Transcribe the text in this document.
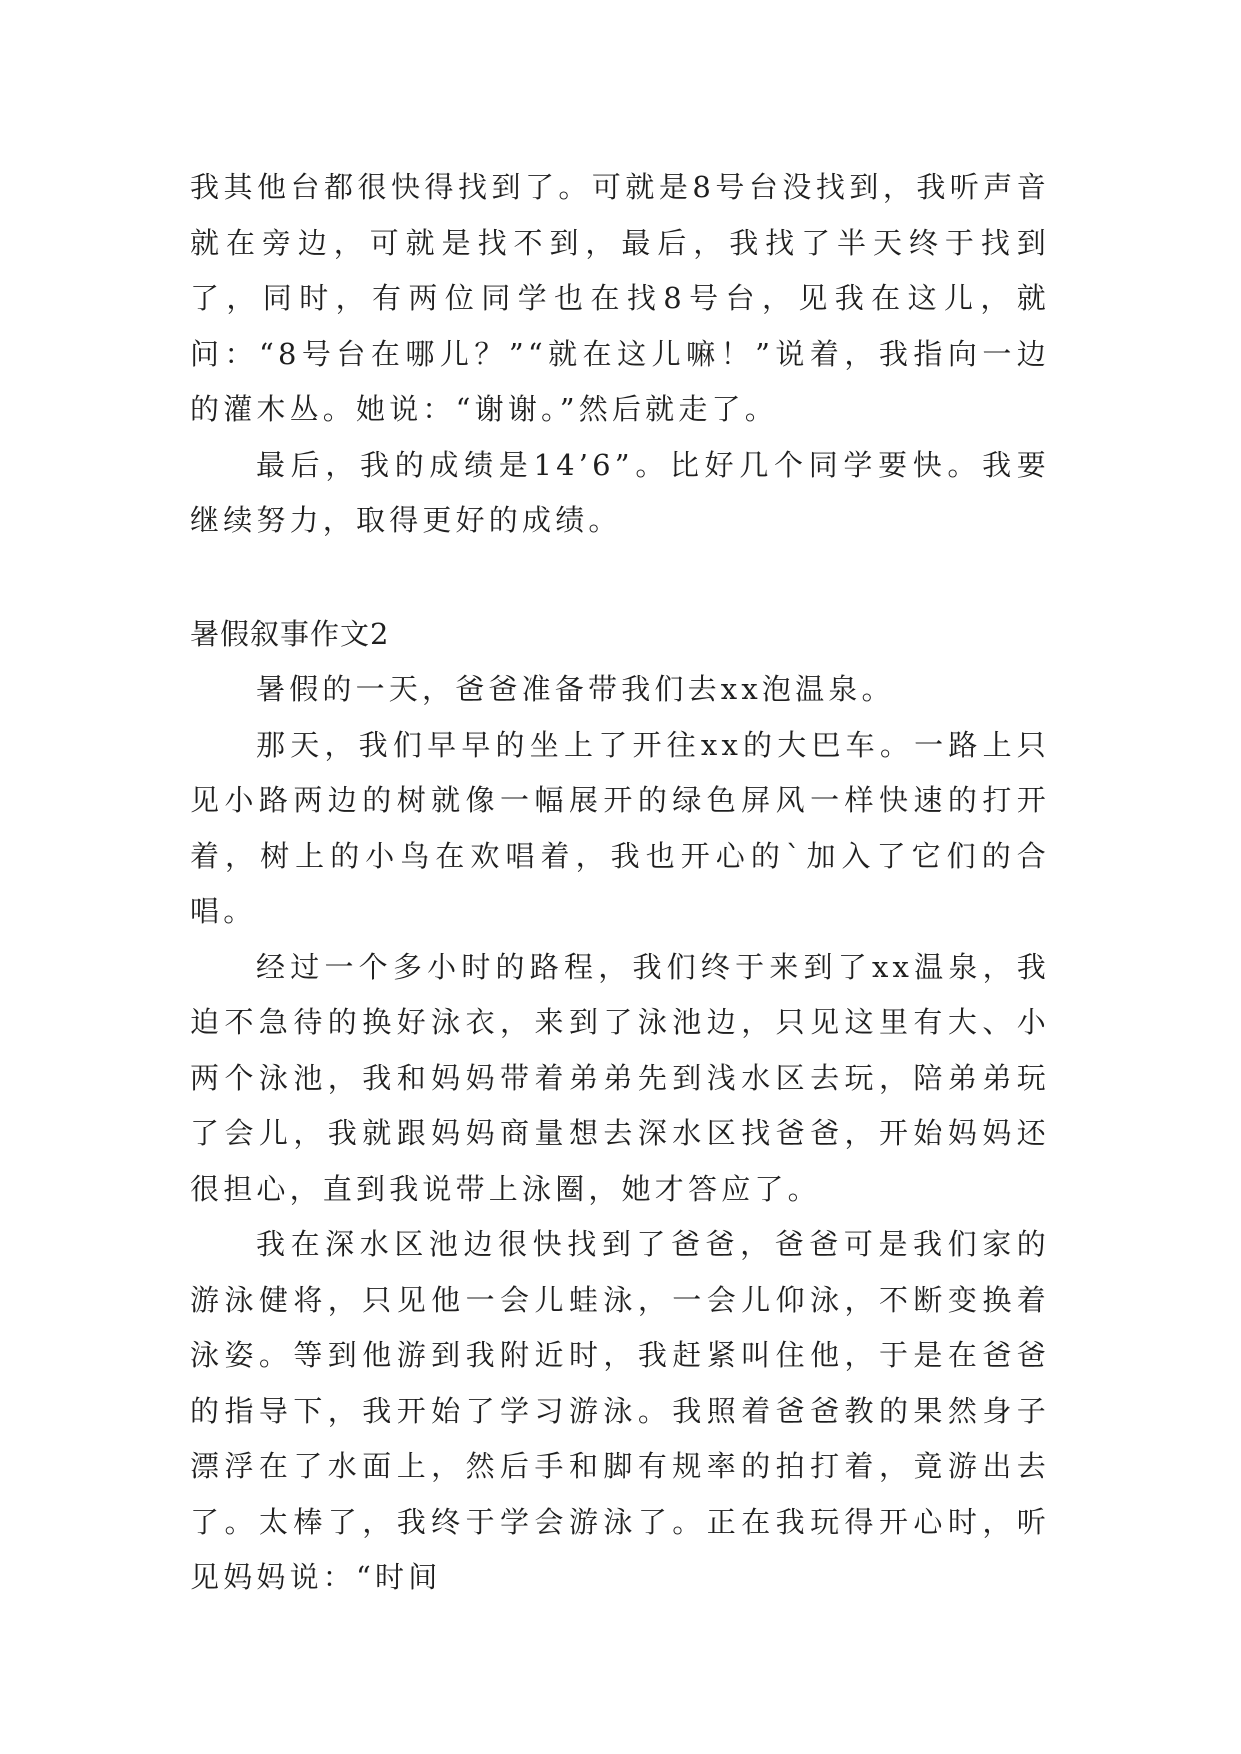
我其他台都很快得找到了。可就是8号台没找到，我听声音就在旁边，可就是找不到，最后，我找了半天终于找到了，同时，有两位同学也在找8号台，见我在这儿，就问：“8号台在哪儿？”“就在这儿嘛！”说着，我指向一边的灌木丛。她说：“谢谢。”然后就走了。

最后，我的成绩是14’6”。比好几个同学要快。我要继续努力，取得更好的成绩。

暑假叙事作文2

暑假的一天，爸爸准备带我们去xx泡温泉。

那天，我们早早的坐上了开往xx的大巴车。一路上只见小路两边的树就像一幅展开的绿色屏风一样快速的打开着，树上的小鸟在欢唱着，我也开心的`加入了它们的合唱。

经过一个多小时的路程，我们终于来到了xx温泉，我迫不急待的换好泳衣，来到了泳池边，只见这里有大、小两个泳池，我和妈妈带着弟弟先到浅水区去玩，陪弟弟玩了会儿，我就跟妈妈商量想去深水区找爸爸，开始妈妈还很担心，直到我说带上泳圈，她才答应了。

我在深水区池边很快找到了爸爸，爸爸可是我们家的游泳健将，只见他一会儿蛙泳，一会儿仰泳，不断变换着泳姿。等到他游到我附近时，我赶紧叫住他，于是在爸爸的指导下，我开始了学习游泳。我照着爸爸教的果然身子漂浮在了水面上，然后手和脚有规率的拍打着，竟游出去了。太棒了，我终于学会游泳了。正在我玩得开心时，听见妈妈说：“时间
